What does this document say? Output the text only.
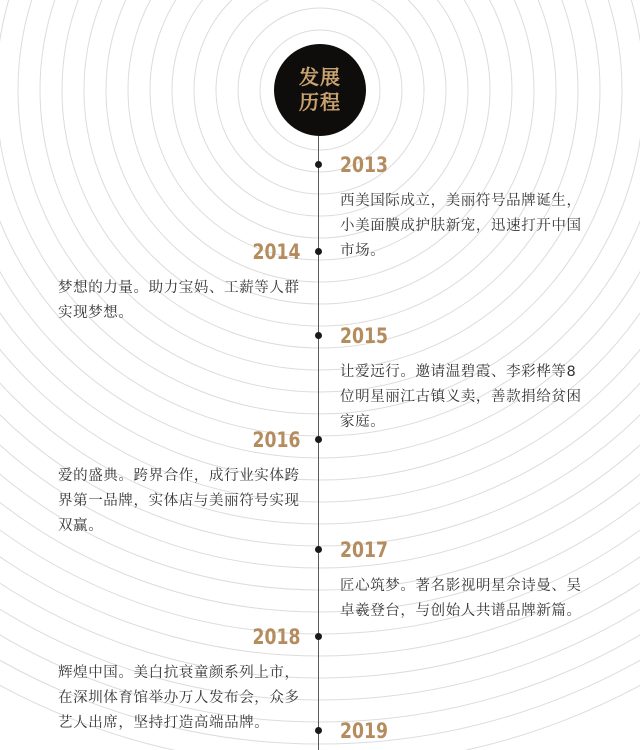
发展
历程
2013
西美国际成立，美丽符号品牌诞生，小美面膜成护肤新宠，迅速打开中国市场。
2014
梦想的力量。助力宝妈、工薪等人群实现梦想。
2015
让爱远行。邀请温碧霞、李彩桦等8位明星丽江古镇义卖，善款捐给贫困家庭。
2016
爱的盛典。跨界合作，成行业实体跨界第一品牌，实体店与美丽符号实现双赢。
2017
匠心筑梦。著名影视明星佘诗曼、吴卓羲登台，与创始人共谱品牌新篇。
2018
辉煌中国。美白抗衰童颜系列上市，在深圳体育馆举办万人发布会，众多艺人出席，坚持打造高端品牌。	2019
